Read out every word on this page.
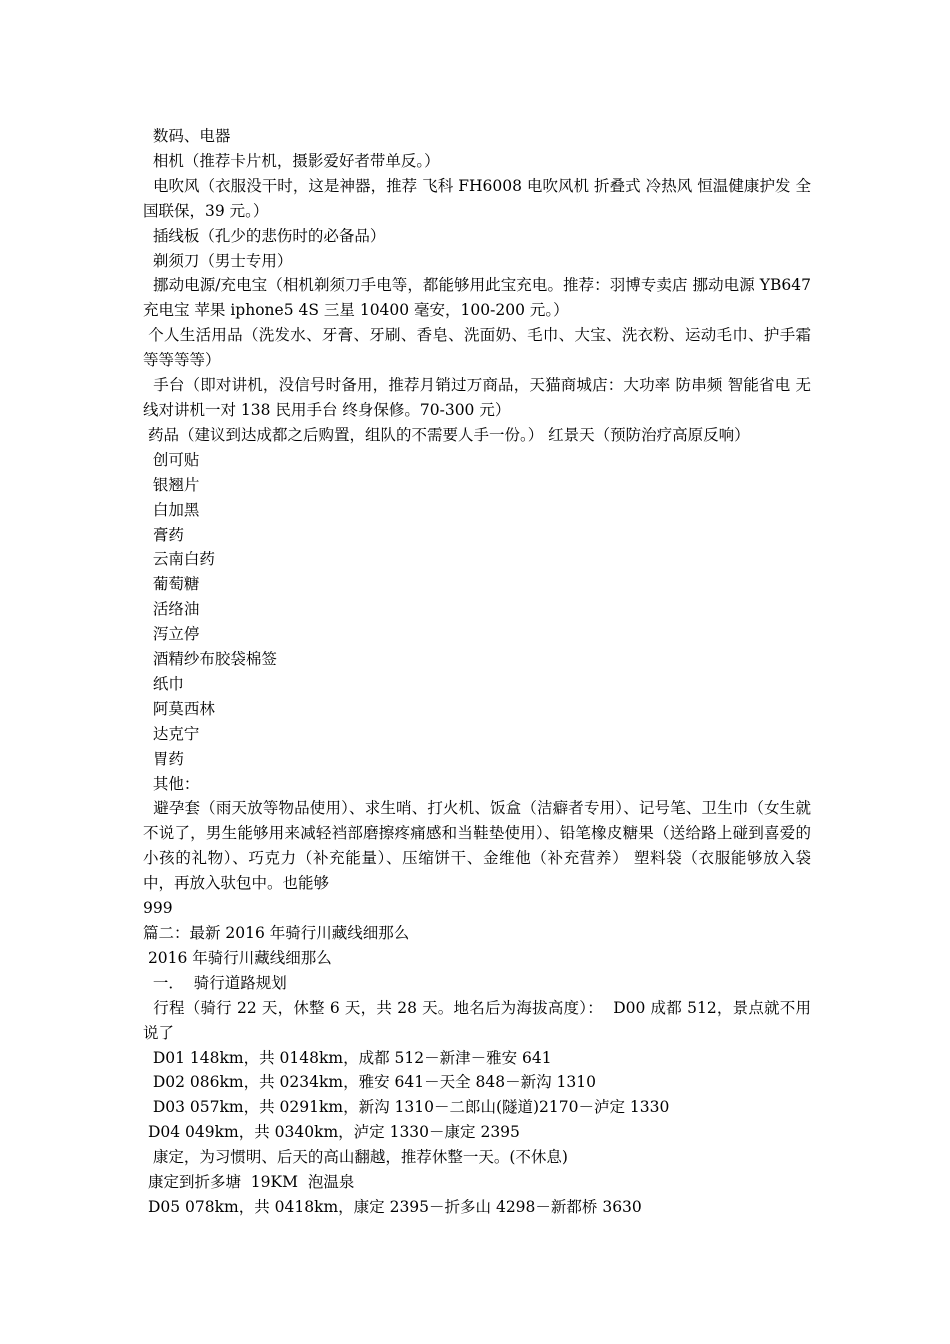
数码、电器

相机（推荐卡片机，摄影爱好者带单反。）

电吹风（衣服没干时，这是神器，推荐 飞科 FH6008 电吹风机 折叠式 冷热风 恒温健康护发 全国联保，39 元。）

插线板（孔少的悲伤时的必备品）

剃须刀（男士专用）

挪动电源/充电宝（相机剃须刀手电等，都能够用此宝充电。推荐：羽博专卖店 挪动电源 YB647 充电宝 苹果 iphone5 4S 三星 10400 毫安，100-200 元。）

个人生活用品（洗发水、牙膏、牙刷、香皂、洗面奶、毛巾、大宝、洗衣粉、运动毛巾、护手霜等等等等）

手台（即对讲机，没信号时备用，推荐月销过万商品，天猫商城店：大功率 防串频 智能省电 无线对讲机一对 138 民用手台 终身保修。70-300 元）

药品（建议到达成都之后购置，组队的不需要人手一份。） 红景天（预防治疗高原反响）

创可贴

银翘片

白加黑

膏药

云南白药

葡萄糖

活络油

泻立停

酒精纱布胶袋棉签

纸巾

阿莫西林

达克宁

胃药

其他：

避孕套（雨天放等物品使用）、求生哨、打火机、饭盒（洁癖者专用）、记号笔、卫生巾（女生就不说了，男生能够用来减轻裆部磨擦疼痛感和当鞋垫使用）、铅笔橡皮糖果（送给路上碰到喜爱的小孩的礼物）、巧克力（补充能量）、压缩饼干、金维他（补充营养） 塑料袋（衣服能够放入袋中，再放入驮包中。也能够

999

篇二：最新 2016 年骑行川藏线细那么

2016 年骑行川藏线细那么

一．  骑行道路规划

行程（骑行 22 天，休整 6 天，共 28 天。地名后为海拔高度）：  D00 成都 512，景点就不用说了

D01 148km，共 0148km，成都 512－新津－雅安 641

D02 086km，共 0234km，雅安 641－天全 848－新沟 1310

D03 057km，共 0291km，新沟 1310－二郎山(隧道)2170－泸定 1330

D04 049km，共 0340km，泸定 1330－康定 2395

康定，为习惯明、后天的高山翻越，推荐休整一天。(不休息)

康定到折多塘  19KM  泡温泉

D05 078km，共 0418km，康定 2395－折多山 4298－新都桥 3630
